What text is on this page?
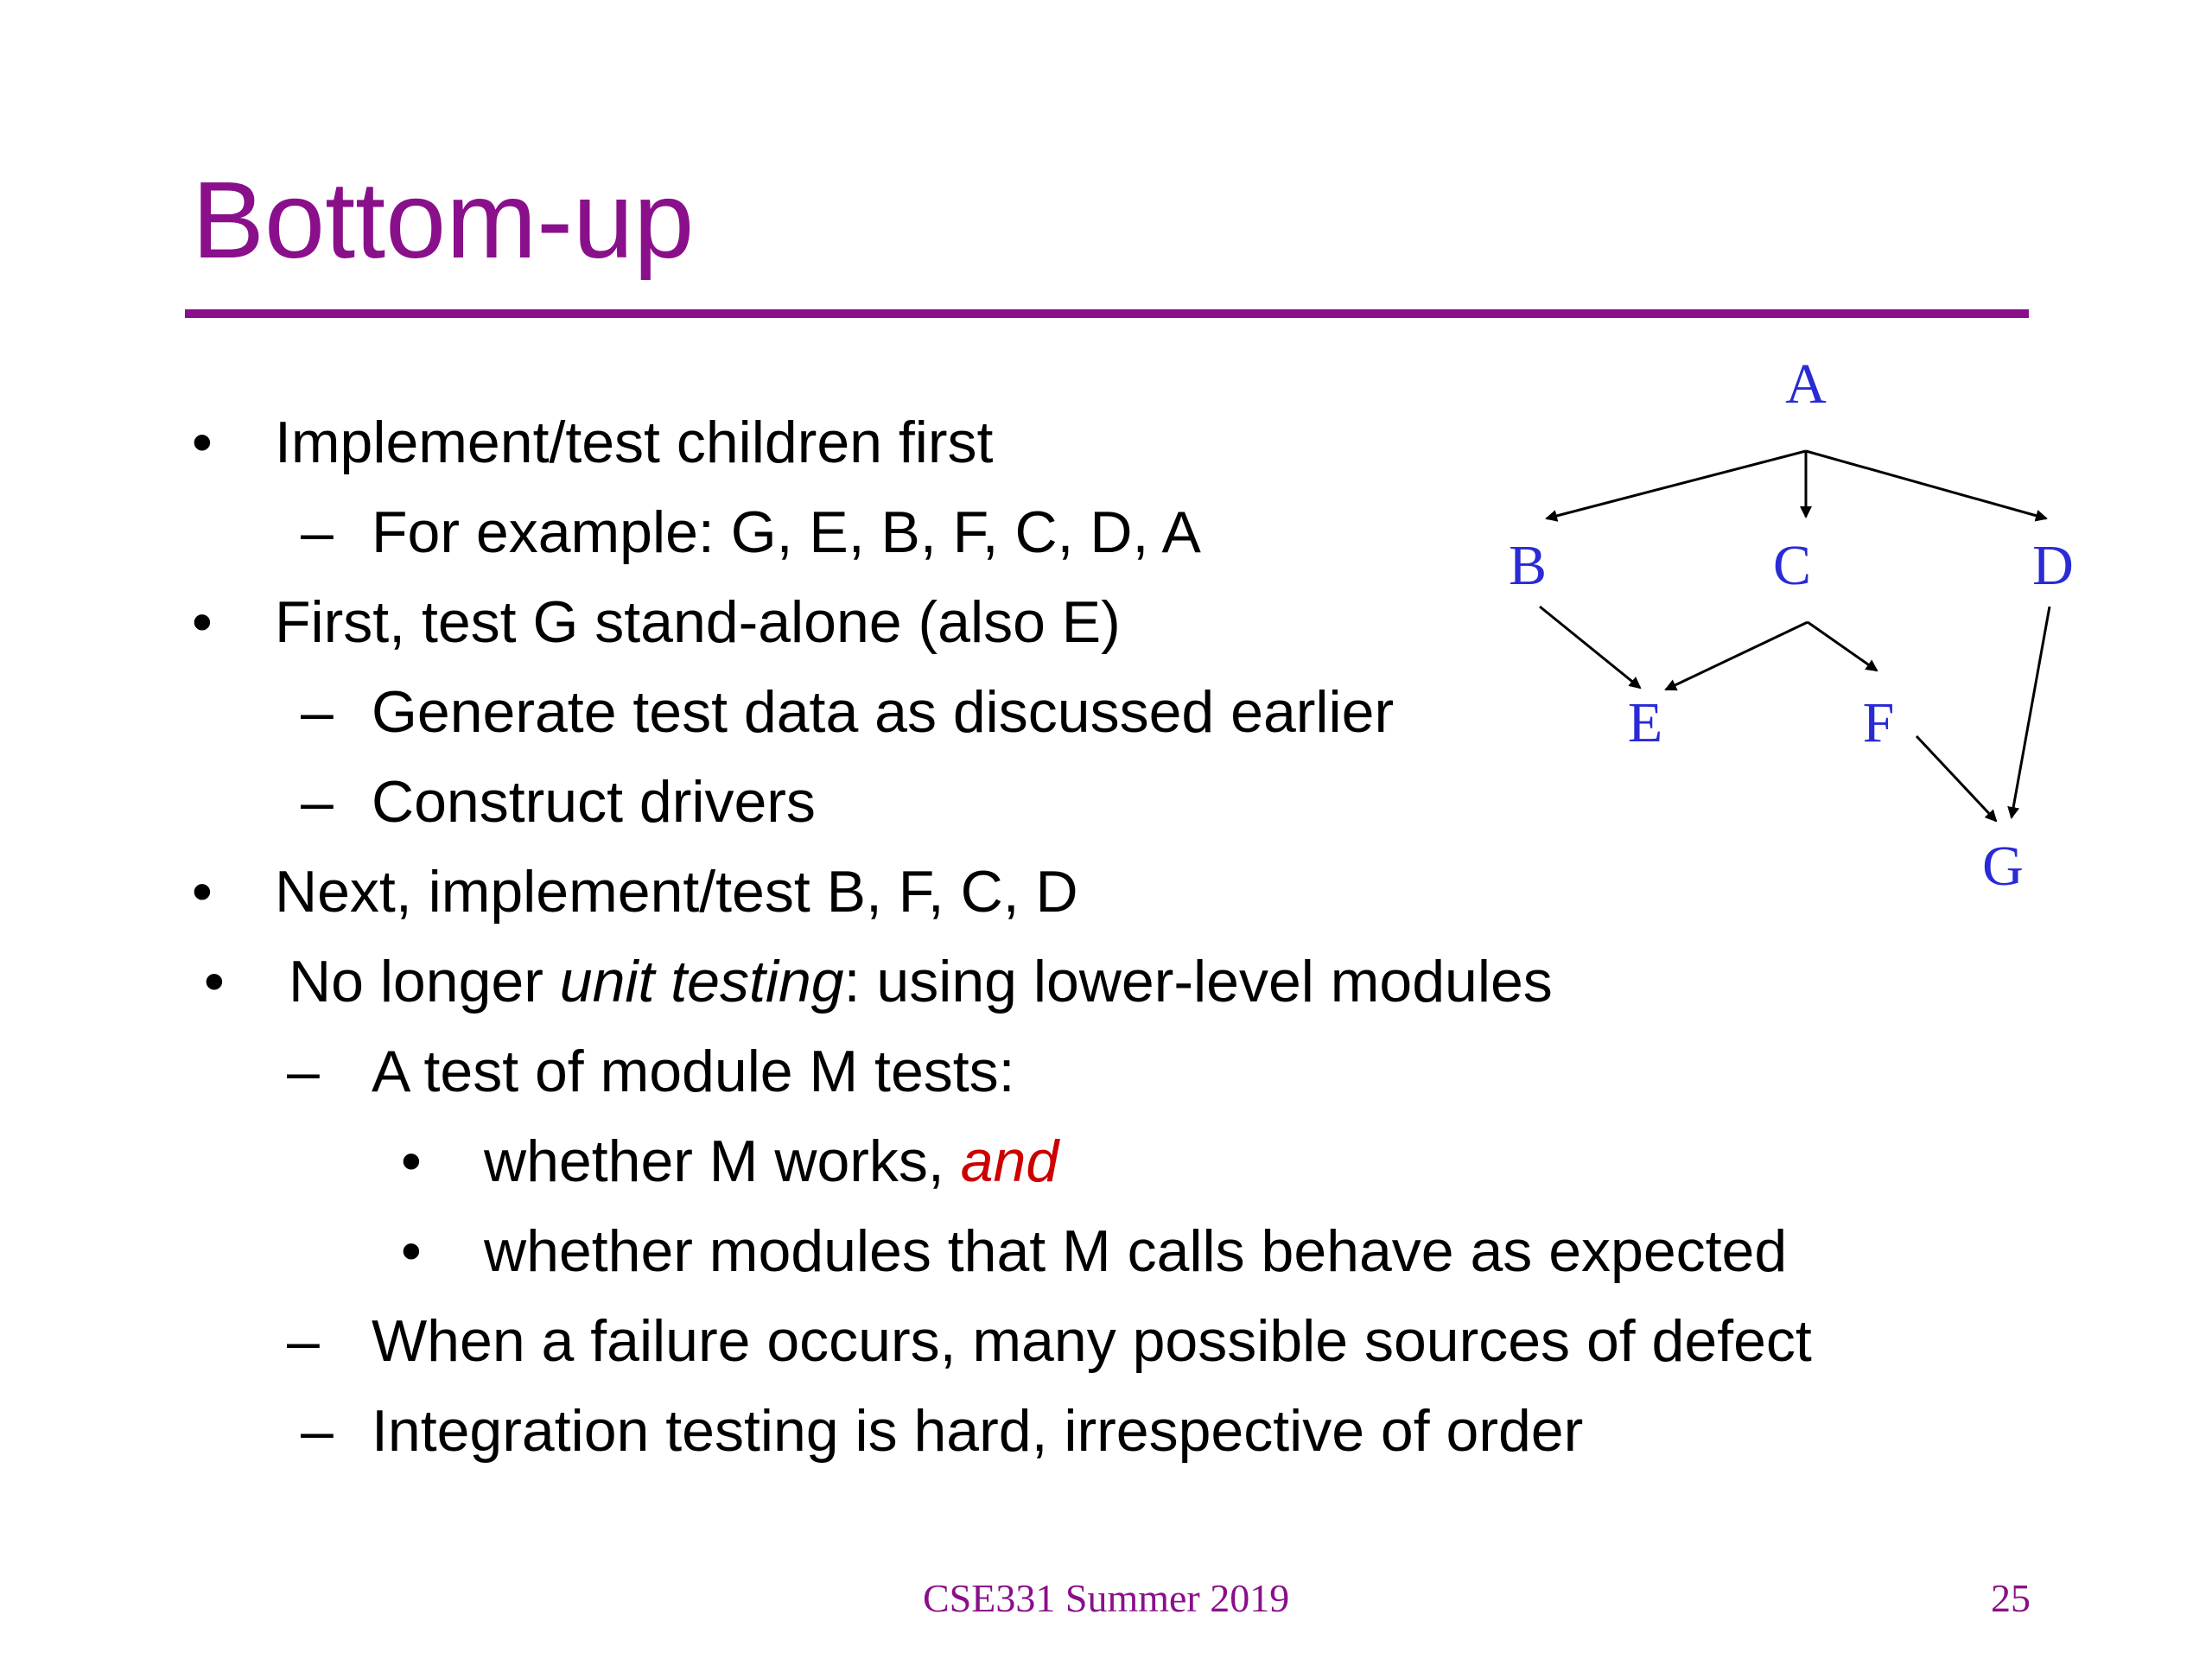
Bottom-up
• Implement/test children first
– For example: G, E, B, F, C, D, A
• First, test G stand-alone (also E)
– Generate test data as discussed earlier
– Construct drivers
• Next, implement/test B, F, C, D
• No longer unit testing: using lower-level modules
– A test of module M tests:
• whether M works, and
• whether modules that M calls behave as expected
– When a failure occurs, many possible sources of defect
– Integration testing is hard, irrespective of order
A
B	C	D
E	F
G
CSE331 Summer 2019	25
